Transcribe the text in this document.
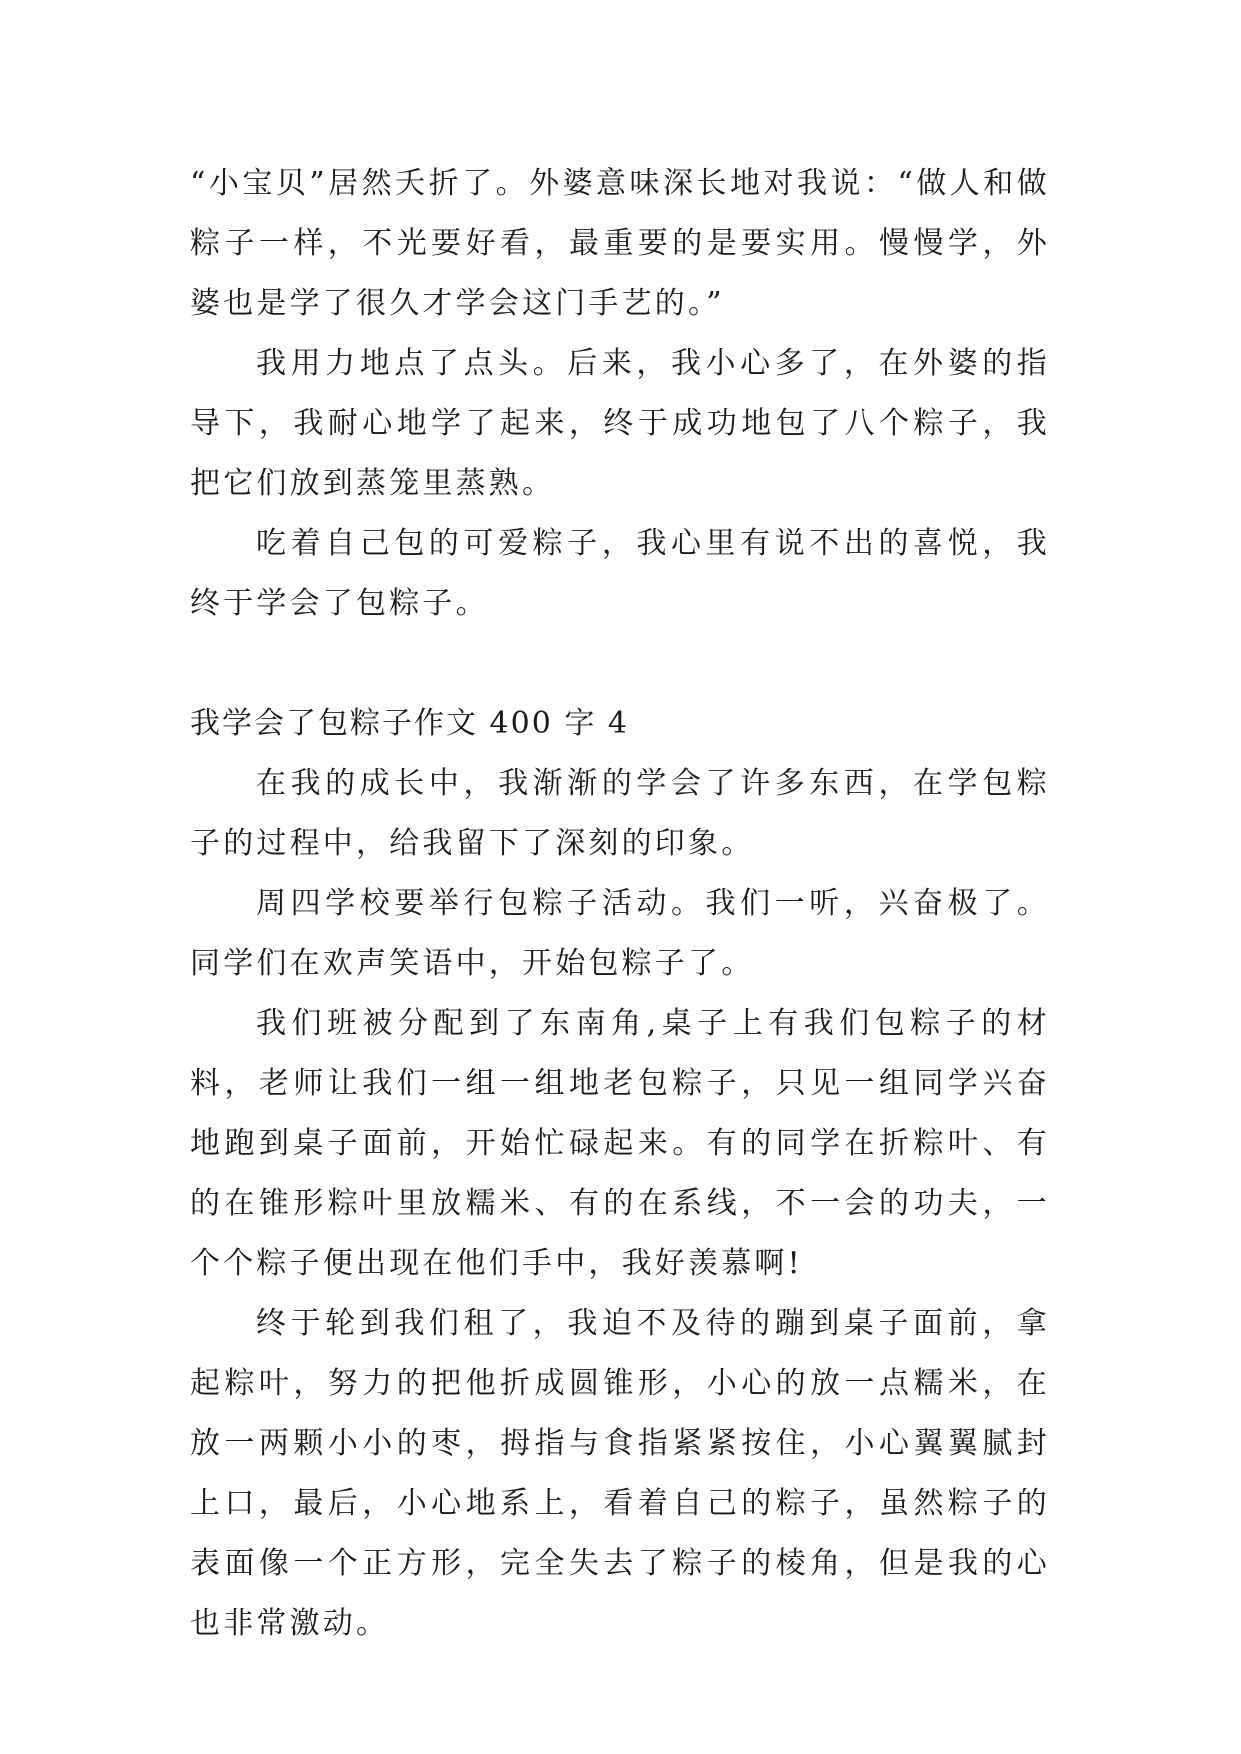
“小宝贝”居然夭折了。外婆意味深长地对我说：“做人和做粽子一样，不光要好看，最重要的是要实用。慢慢学，外婆也是学了很久才学会这门手艺的。”

我用力地点了点头。后来，我小心多了，在外婆的指导下，我耐心地学了起来，终于成功地包了八个粽子，我把它们放到蒸笼里蒸熟。

吃着自己包的可爱粽子，我心里有说不出的喜悦，我终于学会了包粽子。

我学会了包粽子作文 400 字 4

在我的成长中，我渐渐的学会了许多东西，在学包粽子的过程中，给我留下了深刻的印象。

周四学校要举行包粽子活动。我们一听，兴奋极了。同学们在欢声笑语中，开始包粽子了。

我们班被分配到了东南角,桌子上有我们包粽子的材料，老师让我们一组一组地老包粽子，只见一组同学兴奋地跑到桌子面前，开始忙碌起来。有的同学在折粽叶、有的在锥形粽叶里放糯米、有的在系线，不一会的功夫，一个个粽子便出现在他们手中，我好羡慕啊!

终于轮到我们租了，我迫不及待的蹦到桌子面前，拿起粽叶，努力的把他折成圆锥形，小心的放一点糯米，在放一两颗小小的枣，拇指与食指紧紧按住，小心翼翼腻封上口，最后，小心地系上，看着自己的粽子，虽然粽子的表面像一个正方形，完全失去了粽子的棱角，但是我的心也非常激动。
